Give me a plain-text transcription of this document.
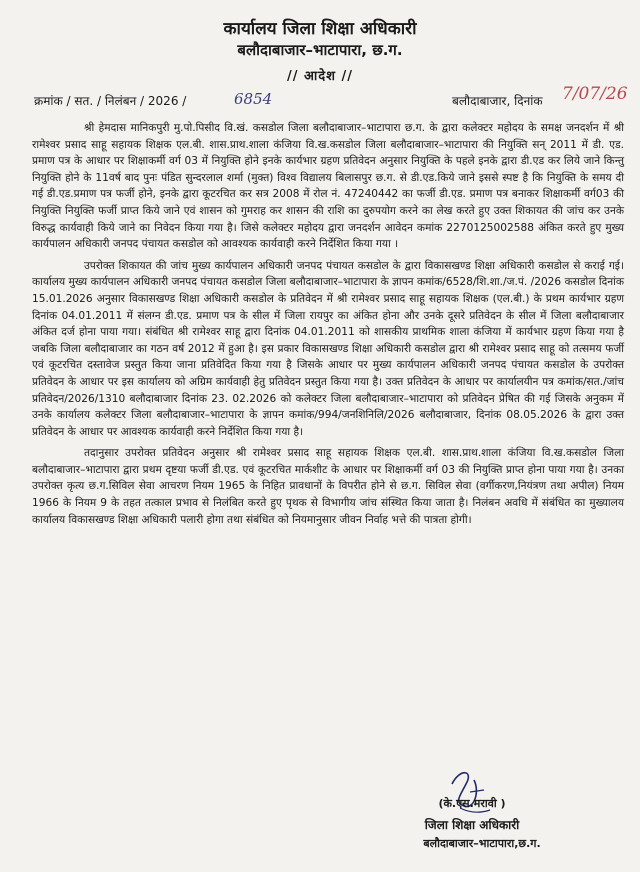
कार्यालय जिला शिक्षा अधिकारी
बलौदाबाजार–भाटापारा, छ.ग.
// आदेश //
क्रमांक / सत. / निलंबन / 2026 /	6854	बलौदाबाजार, दिनांक 7/07/26

श्री हेमदास मानिकपुरी मु.पो.पिसीद वि.खं. कसडोल जिला बलौदाबाजार–भाटापारा छ.ग. के द्वारा कलेक्टर महोदय के समक्ष जनदर्शन में श्री रामेश्वर प्रसाद साहू सहायक शिक्षक एल.बी. शास.प्राथ.शाला कंजिया वि.ख.कसडोल जिला बलौदाबाजार–भाटापारा की नियुक्ति सन् 2011 में डी. एड. प्रमाण पत्र के आधार पर शिक्षाकर्मी वर्ग 03 में नियुक्ति होने इनके कार्यभार ग्रहण प्रतिवेदन अनुसार नियुक्ति के पहले इनके द्वारा डी.एड कर लिये जाने किन्तु नियुक्ति होने के 11वर्ष बाद पुनः पंडित सुन्दरलाल शर्मा (मुक्त) विश्व विद्यालय बिलासपुर छ.ग. से डी.एड.किये जाने इससे स्पष्ट है कि नियुक्ति के समय दी गई डी.एड.प्रमाण पत्र फर्जी होने, इनके द्वारा कूटरचित कर सत्र 2008 में रोल नं. 47240442 का फर्जी डी.एड. प्रमाण पत्र बनाकर शिक्षाकर्मी वर्ग03 की नियुक्ति नियुक्ति फर्जी प्राप्त किये जाने एवं शासन को गुमराह कर शासन की राशि का दुरुपयोग करने का लेख करते हुए उक्त शिकायत की जांच कर उनके विरुद्ध कार्यवाही किये जाने का निवेदन किया गया है। जिसे कलेक्टर महोदय द्वारा जनदर्शन आवेदन कमांक 2270125002588 अंकित करते हुए मुख्य कार्यपालन अधिकारी जनपद पंचायत कसडोल को आवश्यक कार्यवाही करने निर्देशित किया गया ।

उपरोक्त शिकायत की जांच मुख्य कार्यपालन अधिकारी जनपद पंचायत कसडोल के द्वारा विकासखण्ड शिक्षा अधिकारी कसडोल से कराई गई। कार्यालय मुख्य कार्यपालन अधिकारी जनपद पंचायत कसडोल जिला बलौदाबाजार–भाटापारा के ज्ञापन कमांक/6528/शि.शा./ज.पं. /2026 कसडोल दिनांक 15.01.2026 अनुसार विकासखण्ड शिक्षा अधिकारी कसडोल के प्रतिवेदन में श्री रामेश्वर प्रसाद साहू सहायक शिक्षक (एल.बी.) के प्रथम कार्यभार ग्रहण दिनांक 04.01.2011 में संलग्न डी.एड. प्रमाण पत्र के सील में जिला रायपुर का अंकित होना और उनके दूसरे प्रतिवेदन के सील में जिला बलौदाबाजार अंकित दर्ज होना पाया गया। संबंधित श्री रामेश्वर साहू द्वारा दिनांक 04.01.2011 को शासकीय प्राथमिक शाला कंजिया में कार्यभार ग्रहण किया गया है जबकि जिला बलौदाबाजार का गठन वर्ष 2012 में हुआ है। इस प्रकार विकासखण्ड शिक्षा अधिकारी कसडोल द्वारा श्री रामेश्वर प्रसाद साहू को तत्समय फर्जी एवं कूटरचित दस्तावेज प्रस्तुत किया जाना प्रतिवेदित किया गया है जिसके आधार पर मुख्य कार्यपालन अधिकारी जनपद पंचायत कसडोल के उपरोक्त प्रतिवेदन के आधार पर इस कार्यालय को अग्रिम कार्यवाही हेतु प्रतिवेदन प्रस्तुत किया गया है। उक्त प्रतिवेदन के आधार पर कार्यालयीन पत्र कमांक/सत./जांच प्रतिवेदन/2026/1310 बलौदाबाजार दिनांक 23. 02.2026 को कलेक्टर जिला बलौदाबाजार–भाटापारा को प्रतिवेदन प्रेषित की गई जिसके अनुकम में उनके कार्यालय कलेक्टर जिला बलौदाबाजार–भाटापारा के ज्ञापन कमांक/994/जनशिनिलि/2026 बलौदाबाजार, दिनांक 08.05.2026 के द्वारा उक्त प्रतिवेदन के आधार पर आवश्यक कार्यवाही करने निर्देशित किया गया है।

तदानुसार उपरोक्त प्रतिवेदन अनुसार श्री रामेश्वर प्रसाद साहू सहायक शिक्षक एल.बी. शास.प्राथ.शाला कंजिया वि.ख.कसडोल जिला बलौदाबाजार–भाटापारा द्वारा प्रथम दृष्टया फर्जी डी.एड. एवं कूटरचित मार्कशीट के आधार पर शिक्षाकर्मी वर्ग 03 की नियुक्ति प्राप्त होना पाया गया है। उनका उपरोक्त कृत्य छ.ग.सिविल सेवा आचरण नियम 1965 के निहित प्रावधानों के विपरीत होने से छ.ग. सिविल सेवा (वर्गीकरण,नियंत्रण तथा अपील) नियम 1966 के नियम 9 के तहत तत्काल प्रभाव से निलंबित करते हुए पृथक से विभागीय जांच संस्थित किया जाता है। निलंबन अवधि में संबंधित का मुख्यालय कार्यालय विकासखण्ड शिक्षा अधिकारी पलारी होगा तथा संबंधित को नियमानुसार जीवन निर्वाह भत्ते की पात्रता होगी।

(के.एस.मरावी )
जिला शिक्षा अधिकारी
बलौदाबाजार–भाटापारा,छ.ग.
